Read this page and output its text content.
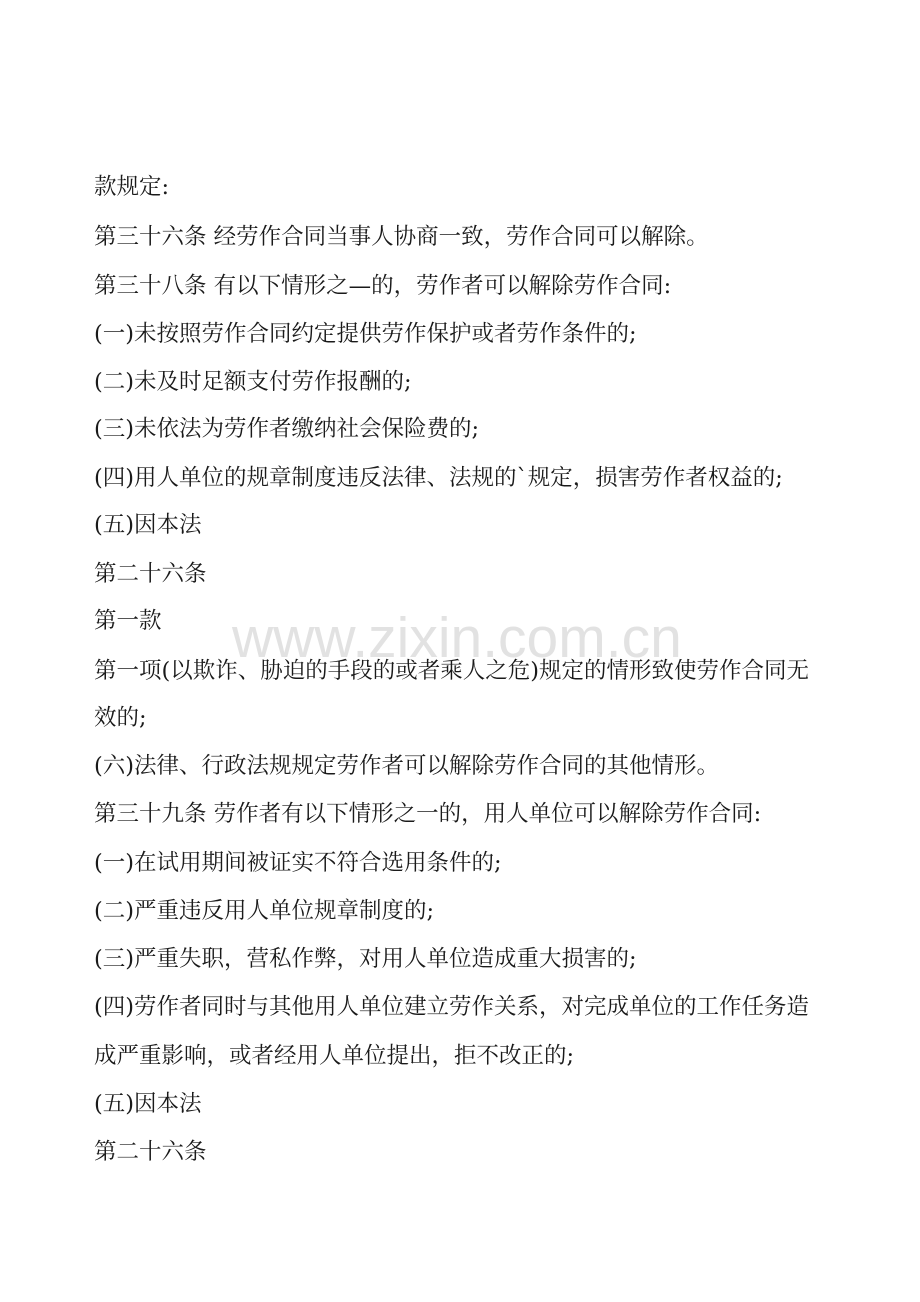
款规定:
第三十六条 经劳作合同当事人协商一致，劳作合同可以解除。
第三十八条 有以下情形之—的，劳作者可以解除劳作合同:
(一)未按照劳作合同约定提供劳作保护或者劳作条件的;
(二)未及时足额支付劳作报酬的;
(三)未依法为劳作者缴纳社会保险费的;
(四)用人单位的规章制度违反法律、法规的`规定，损害劳作者权益的;
(五)因本法
第二十六条
第一款
第一项(以欺诈、胁迫的手段的或者乘人之危)规定的情形致使劳作合同无
效的;
(六)法律、行政法规规定劳作者可以解除劳作合同的其他情形。
第三十九条 劳作者有以下情形之一的，用人单位可以解除劳作合同:
(一)在试用期间被证实不符合选用条件的;
(二)严重违反用人单位规章制度的;
(三)严重失职，营私作弊，对用人单位造成重大损害的;
(四)劳作者同时与其他用人单位建立劳作关系，对完成单位的工作任务造
成严重影响，或者经用人单位提出，拒不改正的;
(五)因本法
第二十六条
www.zixin.com.cn
